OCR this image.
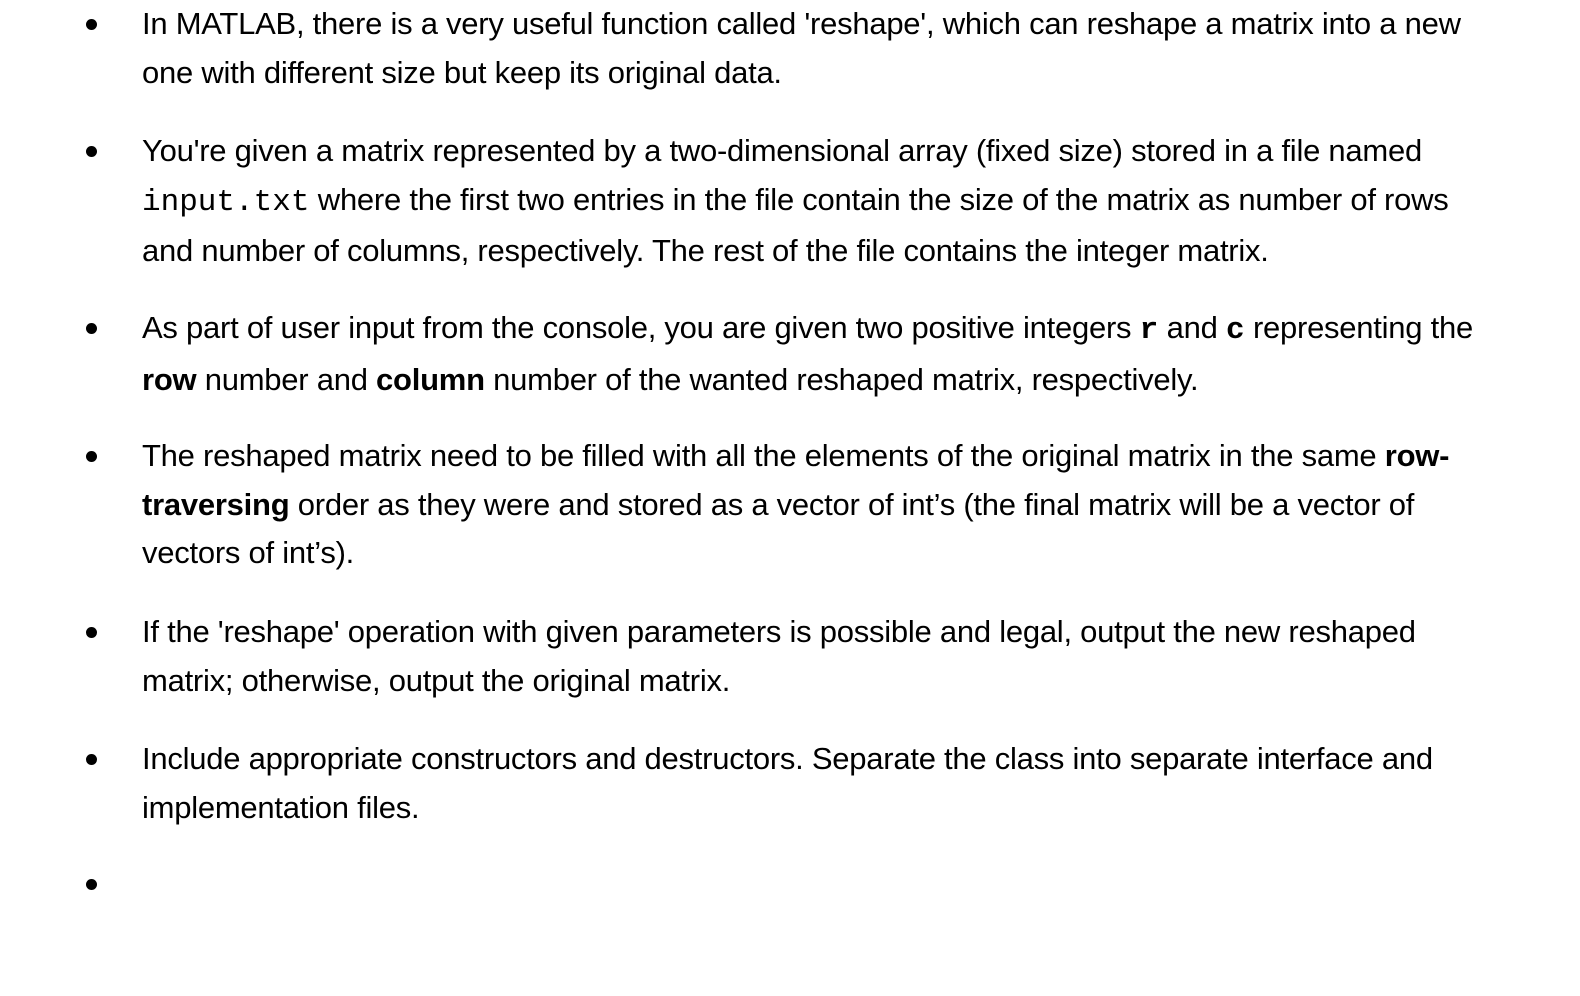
In MATLAB, there is a very useful function called 'reshape', which can reshape a matrix into a new one with different size but keep its original data.

You're given a matrix represented by a two-dimensional array (fixed size) stored in a file named input.txt where the first two entries in the file contain the size of the matrix as number of rows and number of columns, respectively. The rest of the file contains the integer matrix.

As part of user input from the console, you are given two positive integers r and c representing the row number and column number of the wanted reshaped matrix, respectively.

The reshaped matrix need to be filled with all the elements of the original matrix in the same row-traversing order as they were and stored as a vector of int’s (the final matrix will be a vector of vectors of int’s).

If the 'reshape' operation with given parameters is possible and legal, output the new reshaped matrix; otherwise, output the original matrix.

Include appropriate constructors and destructors. Separate the class into separate interface and implementation files.
